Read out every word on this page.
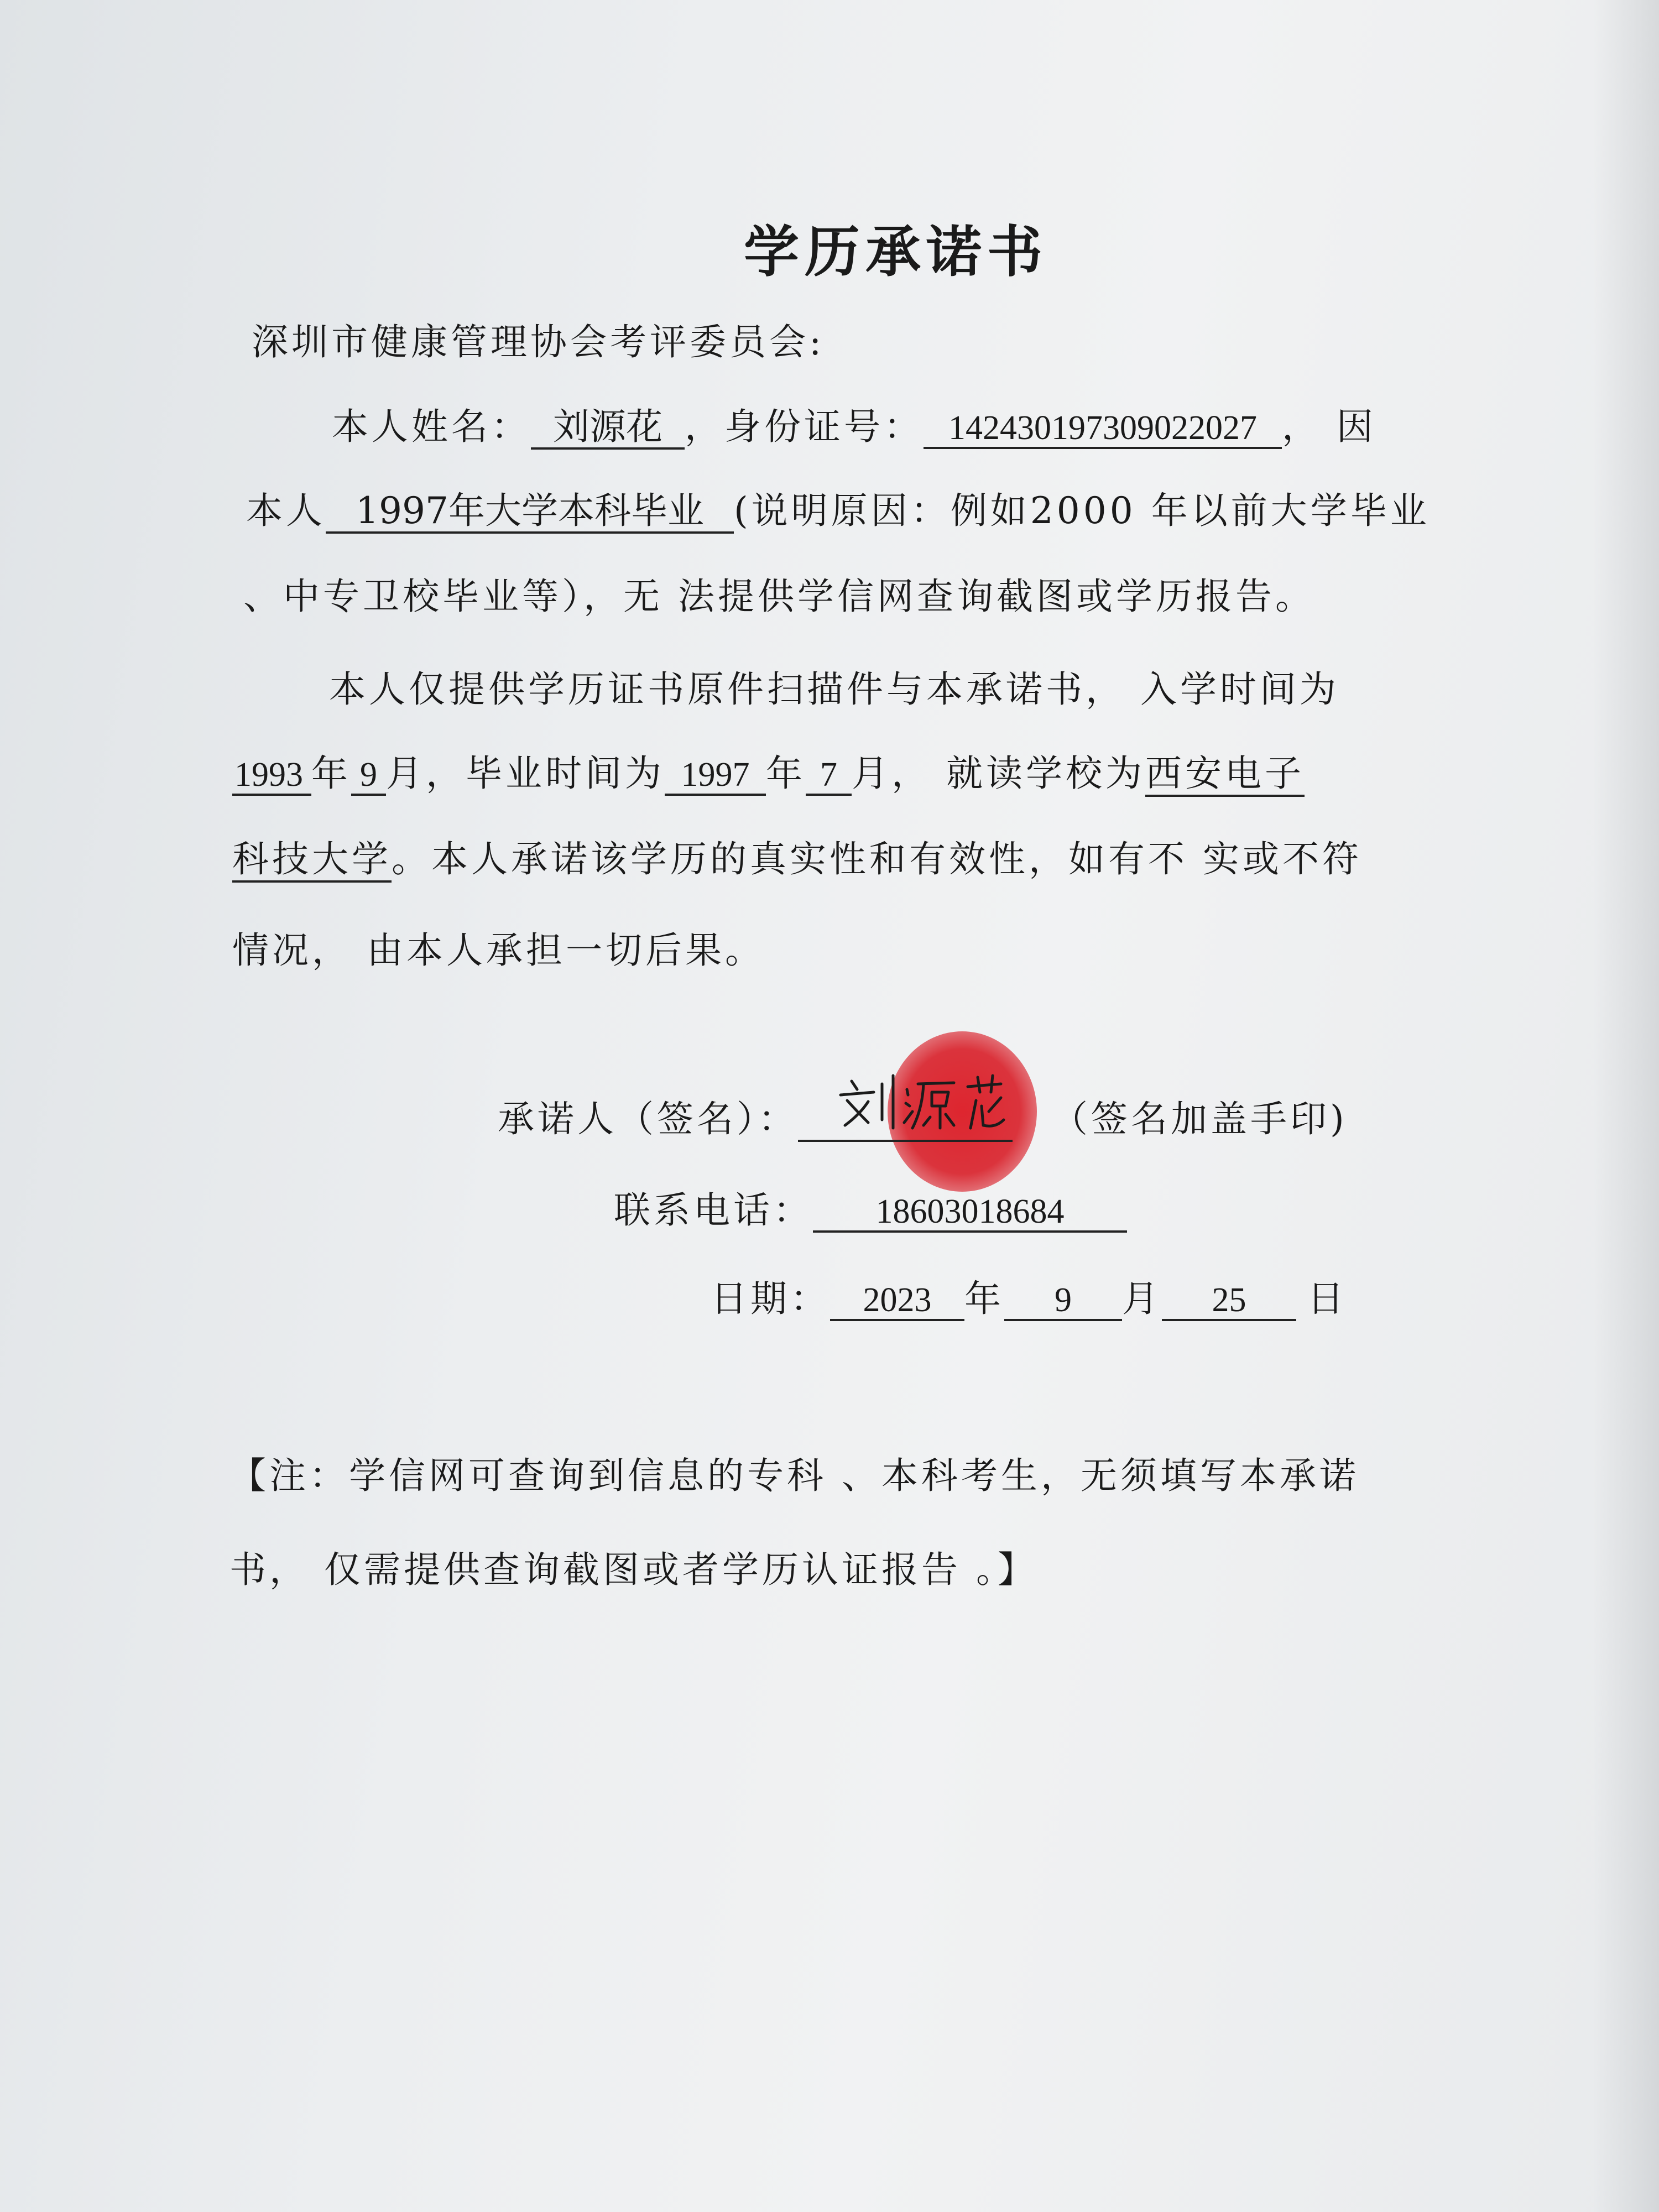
学历承诺书
深圳市健康管理协会考评委员会:
本人姓名： 刘源花 ，身份证号： 142430197309022027 ， 因
本人 1997年大学本科毕业 (说明原因：例如2000 年以前大学毕业
、中专卫校毕业等），无 法提供学信网查询截图或学历报告。
本人仅提供学历证书原件扫描件与本承诺书， 入学时间为
1993 年 9 月，毕业时间为 1997 年 7 月， 就读学校为西安电子
科技大学。本人承诺该学历的真实性和有效性，如有不 实或不符
情况， 由本人承担一切后果。
承诺人（签名）：	（签名加盖手印)
联系电话： 18603018684
日期： 2023 年 9 月 25 日
【注：学信网可查询到信息的专科 、本科考生，无须填写本承诺
书， 仅需提供查询截图或者学历认证报告 。】
